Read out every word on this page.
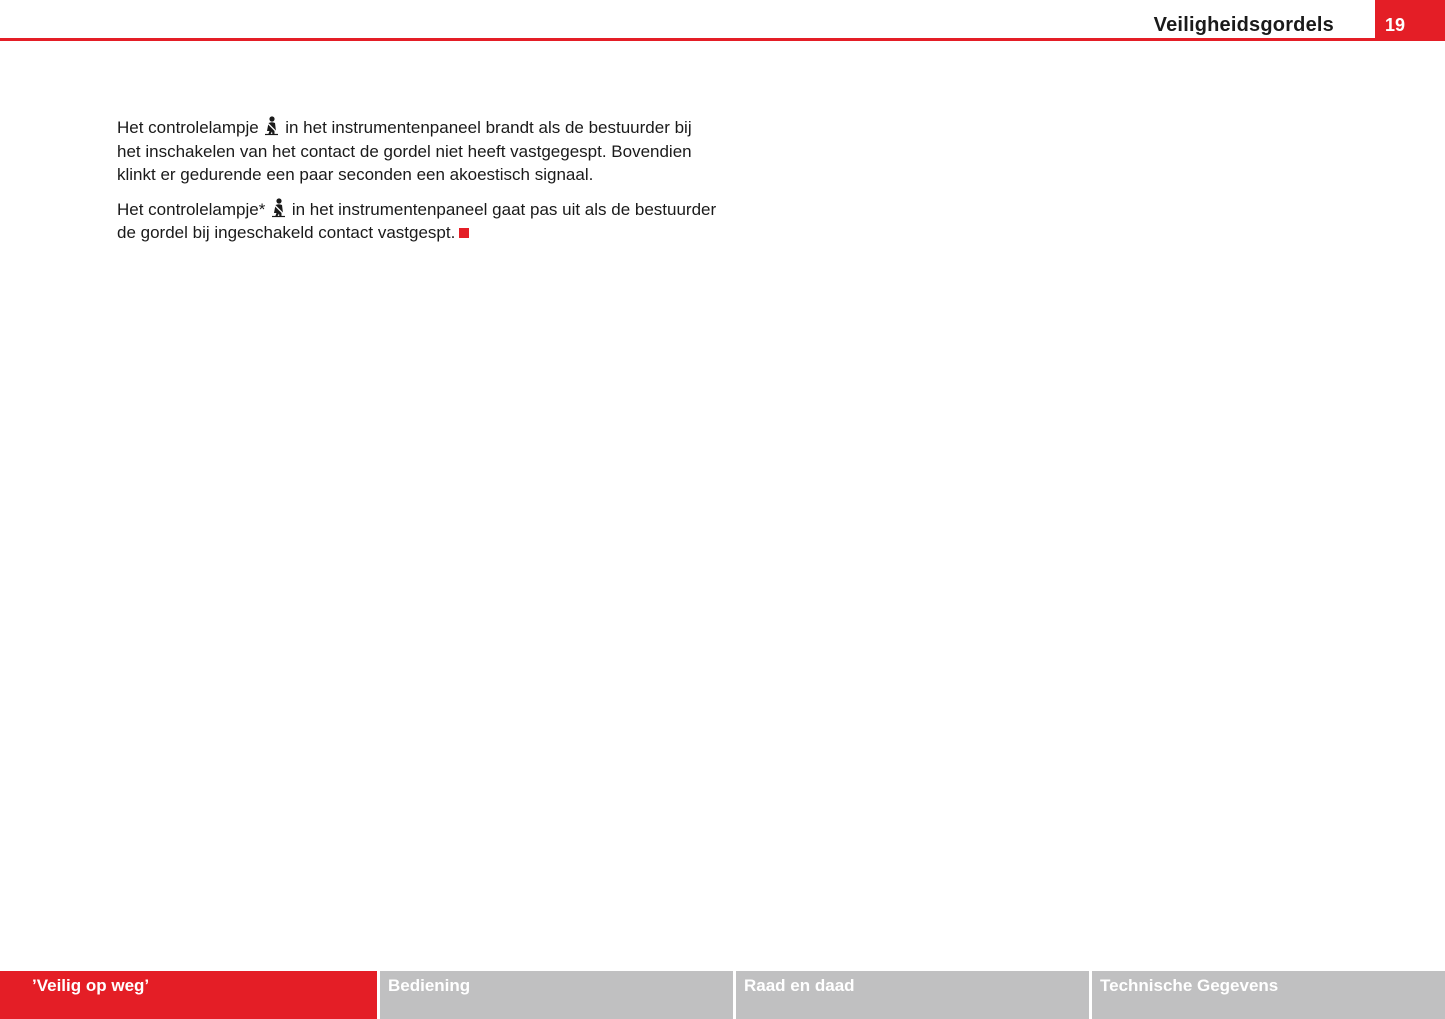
Veiligheidsgordels	19

Het controlelampje in het instrumentenpaneel brandt als de bestuurder bij het inschakelen van het contact de gordel niet heeft vastgegespt. Bovendien klinkt er gedurende een paar seconden een akoestisch signaal.

Het controlelampje* in het instrumentenpaneel gaat pas uit als de bestuurder de gordel bij ingeschakeld contact vastgespt.

’Veilig op weg’	Bediening	Raad en daad	Technische Gegevens
